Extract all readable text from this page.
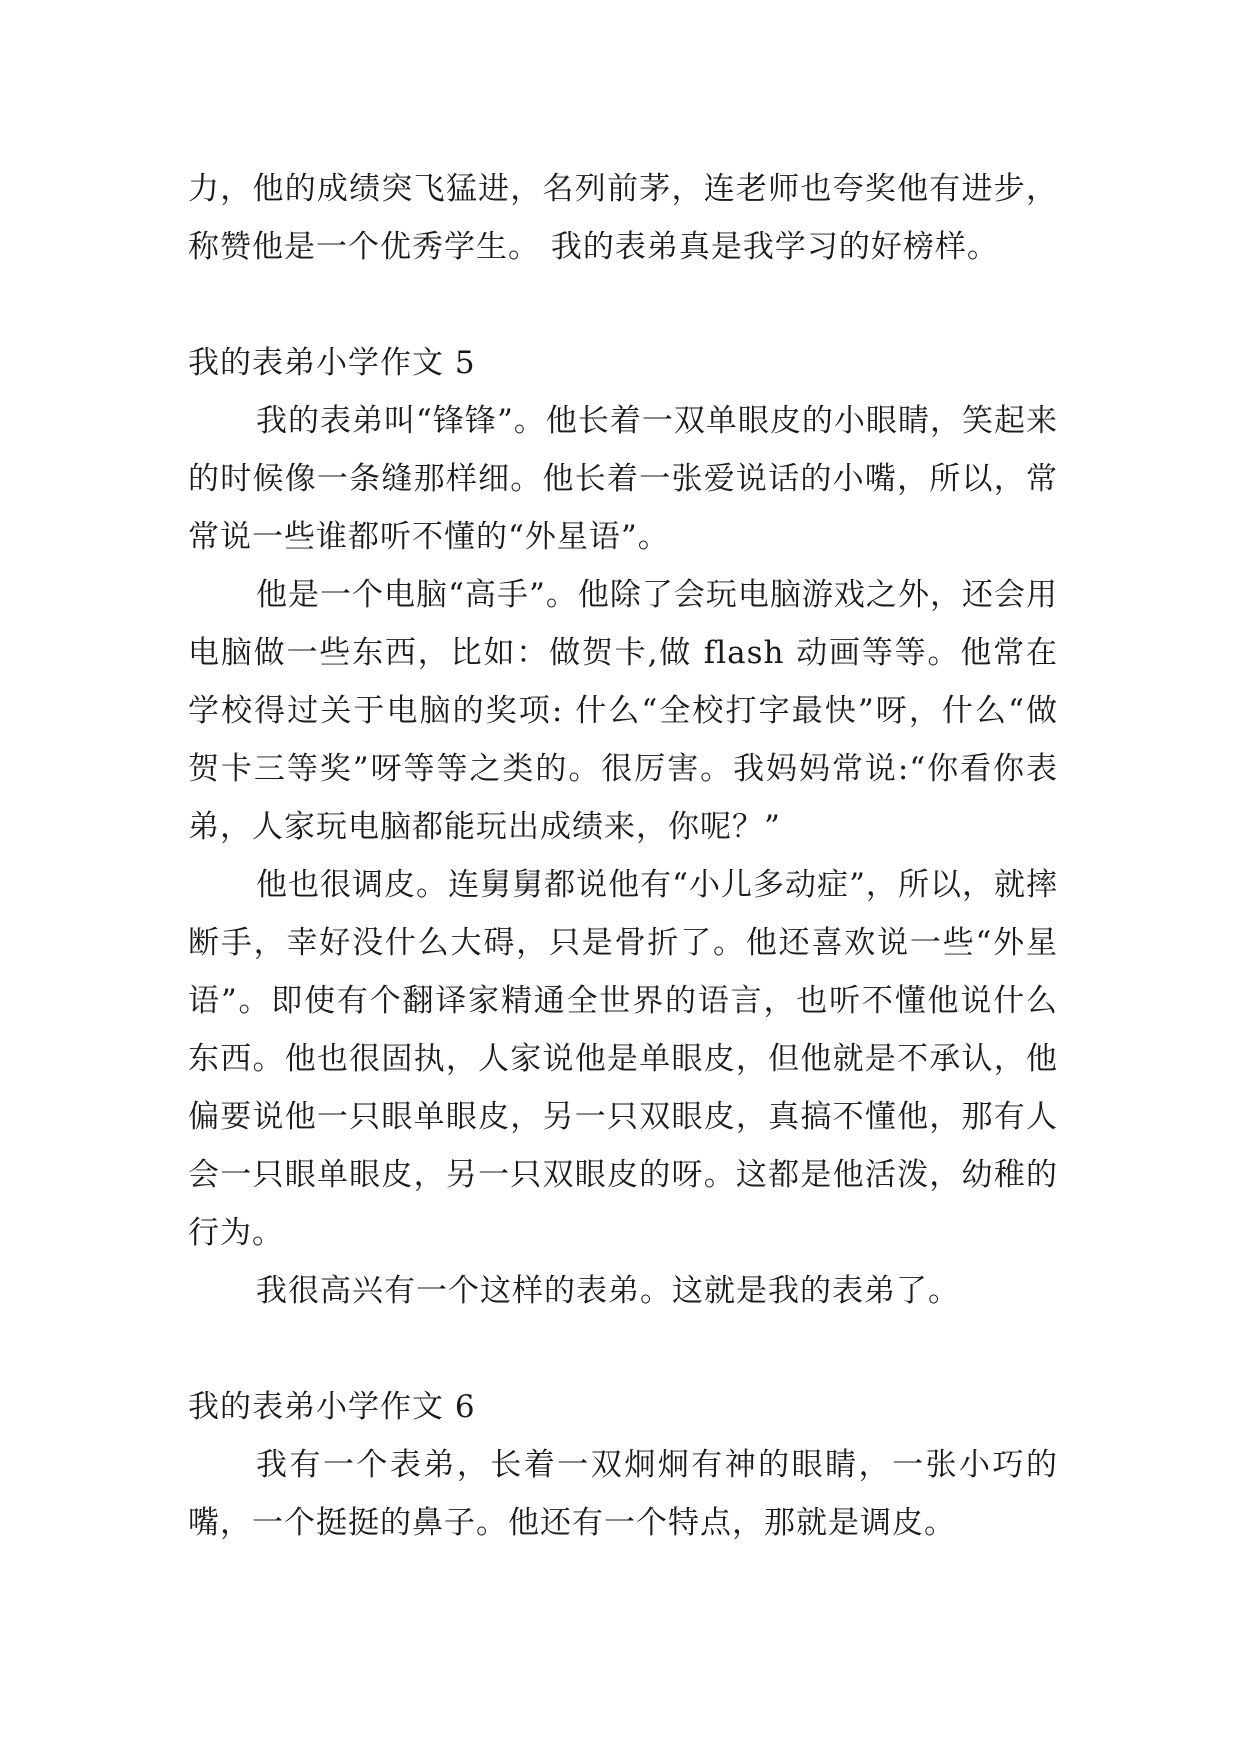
力，他的成绩突飞猛进，名列前茅，连老师也夸奖他有进步，称赞他是一个优秀学生。 我的表弟真是我学习的好榜样。

我的表弟小学作文 5

我的表弟叫“锋锋”。他长着一双单眼皮的小眼睛，笑起来的时候像一条缝那样细。他长着一张爱说话的小嘴，所以，常常说一些谁都听不懂的“外星语”。

他是一个电脑“高手”。他除了会玩电脑游戏之外，还会用电脑做一些东西，比如：做贺卡,做 flash 动画等等。他常在学校得过关于电脑的奖项: 什么“全校打字最快”呀，什么“做贺卡三等奖”呀等等之类的。很厉害。我妈妈常说:“你看你表弟，人家玩电脑都能玩出成绩来，你呢？”

他也很调皮。连舅舅都说他有“小儿多动症”，所以，就摔断手，幸好没什么大碍，只是骨折了。他还喜欢说一些“外星语”。即使有个翻译家精通全世界的语言，也听不懂他说什么东西。他也很固执，人家说他是单眼皮，但他就是不承认，他偏要说他一只眼单眼皮，另一只双眼皮，真搞不懂他，那有人会一只眼单眼皮，另一只双眼皮的呀。这都是他活泼，幼稚的行为。

我很高兴有一个这样的表弟。这就是我的表弟了。

我的表弟小学作文 6

我有一个表弟，长着一双炯炯有神的眼睛，一张小巧的嘴，一个挺挺的鼻子。他还有一个特点，那就是调皮。
